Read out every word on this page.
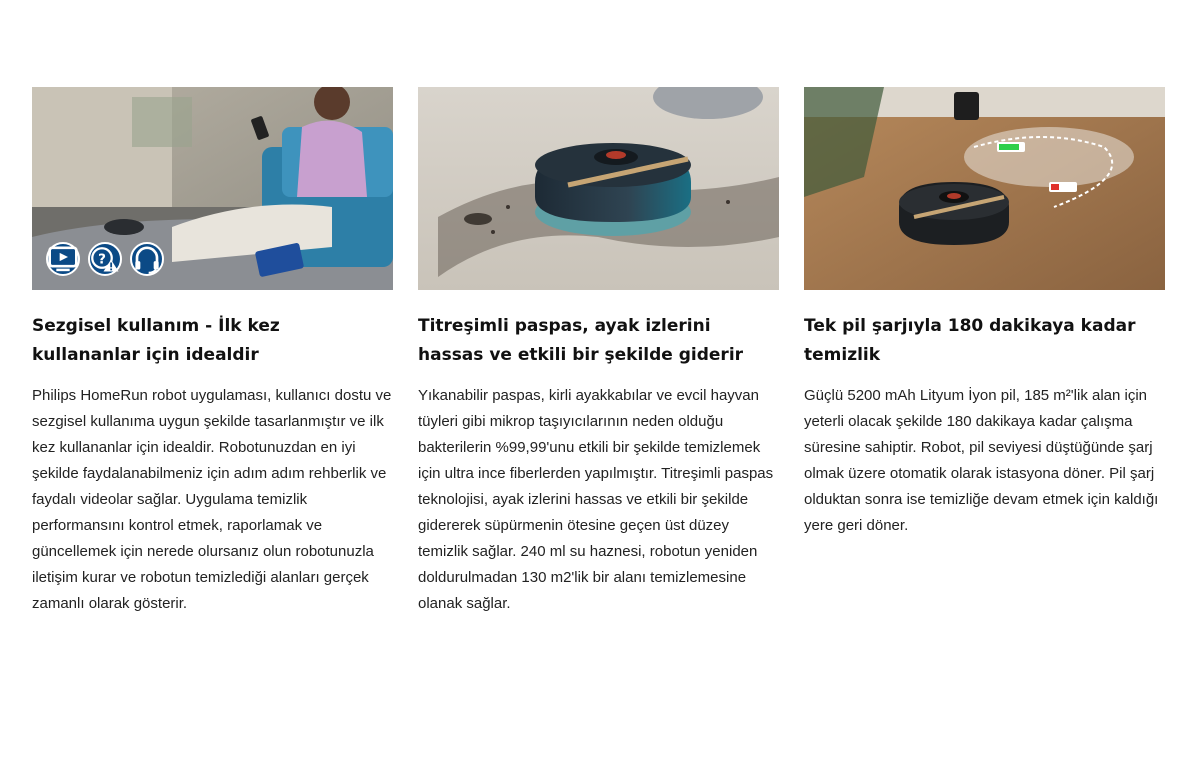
?
Sezgisel kullanım - İlk kez kullananlar için idealdir

Philips HomeRun robot uygulaması, kullanıcı dostu ve sezgisel kullanıma uygun şekilde tasarlanmıştır ve ilk kez kullananlar için idealdir. Robotunuzdan en iyi şekilde faydalanabilmeniz için adım adım rehberlik ve faydalı videolar sağlar. Uygulama temizlik performansını kontrol etmek, raporlamak ve güncellemek için nerede olursanız olun robotunuzla iletişim kurar ve robotun temizlediği alanları gerçek zamanlı olarak gösterir.

Titreşimli paspas, ayak izlerini hassas ve etkili bir şekilde giderir

Yıkanabilir paspas, kirli ayakkabılar ve evcil hayvan tüyleri gibi mikrop taşıyıcılarının neden olduğu bakterilerin %99,99'unu etkili bir şekilde temizlemek için ultra ince fiberlerden yapılmıştır. Titreşimli paspas teknolojisi, ayak izlerini hassas ve etkili bir şekilde gidererek süpürmenin ötesine geçen üst düzey temizlik sağlar. 240 ml su haznesi, robotun yeniden doldurulmadan 130 m2'lik bir alanı temizlemesine olanak sağlar.

Tek pil şarjıyla 180 dakikaya kadar temizlik

Güçlü 5200 mAh Lityum İyon pil, 185 m²'lik alan için yeterli olacak şekilde 180 dakikaya kadar çalışma süresine sahiptir. Robot, pil seviyesi düştüğünde şarj olmak üzere otomatik olarak istasyona döner. Pil şarj olduktan sonra ise temizliğe devam etmek için kaldığı yere geri döner.
